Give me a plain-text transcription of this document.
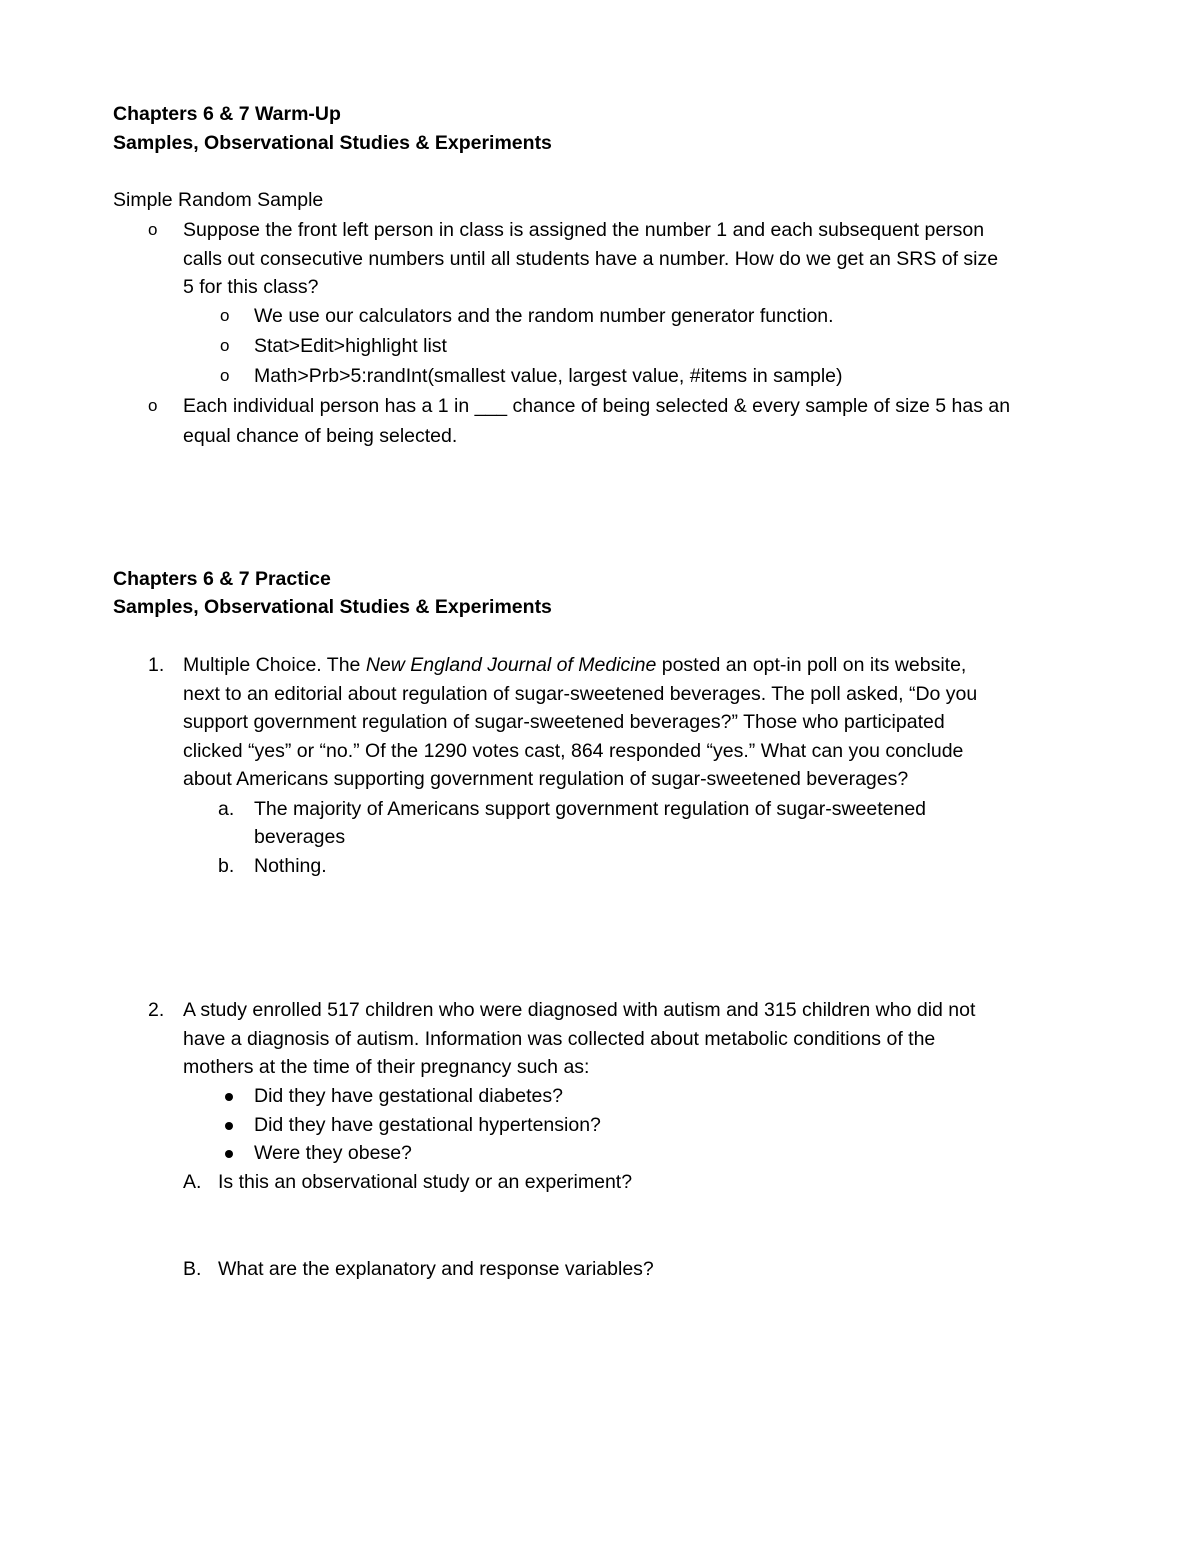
Chapters 6 & 7 Warm-Up
Samples, Observational Studies & Experiments
Simple Random Sample
o Suppose the front left person in class is assigned the number 1 and each subsequent person
calls out consecutive numbers until all students have a number. How do we get an SRS of size
5 for this class?
o We use our calculators and the random number generator function.
o Stat>Edit>highlight list
o Math>Prb>5:randInt(smallest value, largest value, #items in sample)
o Each individual person has a 1 in ___ chance of being selected & every sample of size 5 has an
equal chance of being selected.
Chapters 6 & 7 Practice
Samples, Observational Studies & Experiments
1. Multiple Choice. The New England Journal of Medicine posted an opt-in poll on its website,
next to an editorial about regulation of sugar-sweetened beverages. The poll asked, “Do you
support government regulation of sugar-sweetened beverages?” Those who participated
clicked “yes” or “no.” Of the 1290 votes cast, 864 responded “yes.” What can you conclude
about Americans supporting government regulation of sugar-sweetened beverages?
a. The majority of Americans support government regulation of sugar-sweetened
beverages
b. Nothing.
2. A study enrolled 517 children who were diagnosed with autism and 315 children who did not
have a diagnosis of autism. Information was collected about metabolic conditions of the
mothers at the time of their pregnancy such as:
Did they have gestational diabetes?
Did they have gestational hypertension?
Were they obese?
A. Is this an observational study or an experiment?
B. What are the explanatory and response variables?
